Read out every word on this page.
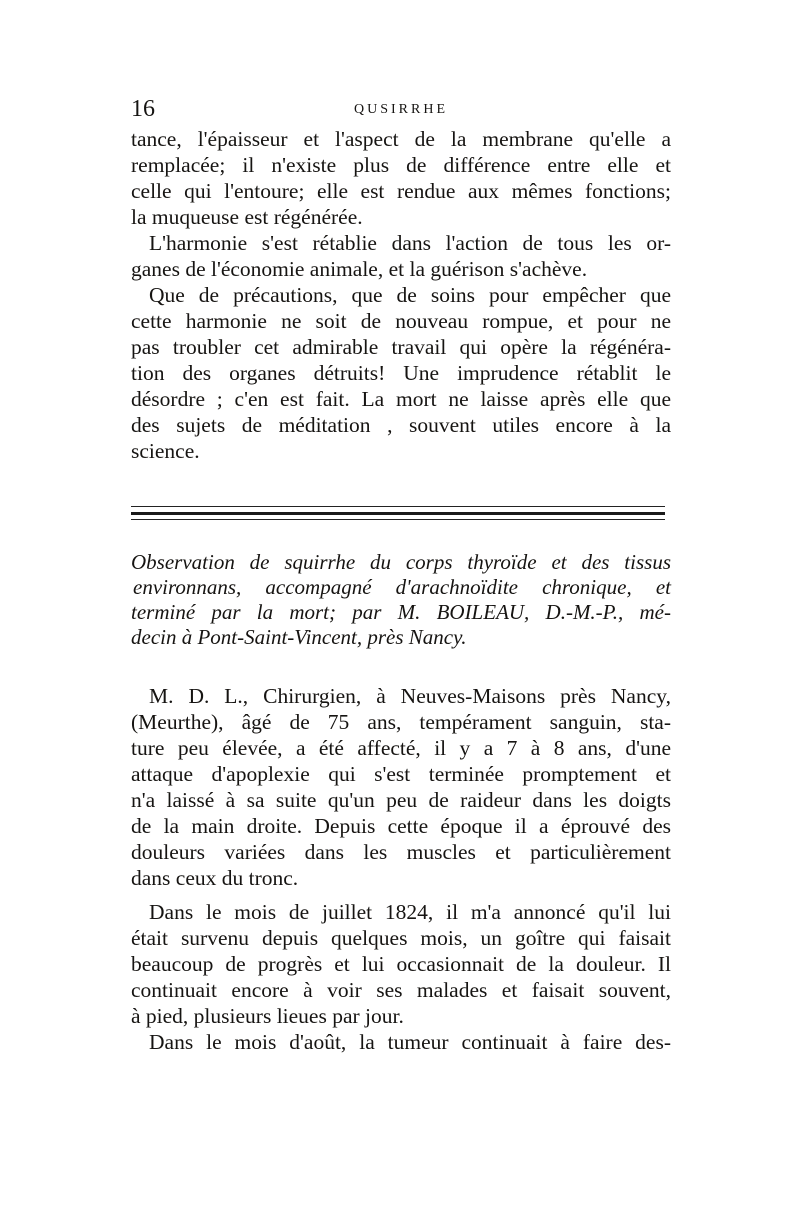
16	QUSIRRHE

tance, l'épaisseur et l'aspect de la membrane qu'elle a
remplacée; il n'existe plus de différence entre elle et
celle qui l'entoure; elle est rendue aux mêmes fonctions;
la muqueuse est régénérée.

L'harmonie s'est rétablie dans l'action de tous les or-
ganes de l'économie animale, et la guérison s'achève.

Que de précautions, que de soins pour empêcher que
cette harmonie ne soit de nouveau rompue, et pour ne
pas troubler cet admirable travail qui opère la régénéra-
tion des organes détruits! Une imprudence rétablit le
désordre ; c'en est fait. La mort ne laisse après elle que
des sujets de méditation , souvent utiles encore à la
science.

Observation de squirrhe du corps thyroïde et des tissus
environnans, accompagné d'arachnoïdite chronique, et
terminé par la mort; par M. BOILEAU, D.-M.-P., mé-
decin à Pont-Saint-Vincent, près Nancy.

M. D. L., Chirurgien, à Neuves-Maisons près Nancy,
(Meurthe), âgé de 75 ans, tempérament sanguin, sta-
ture peu élevée, a été affecté, il y a 7 à 8 ans, d'une
attaque d'apoplexie qui s'est terminée promptement et
n'a laissé à sa suite qu'un peu de raideur dans les doigts
de la main droite. Depuis cette époque il a éprouvé des
douleurs variées dans les muscles et particulièrement
dans ceux du tronc.

Dans le mois de juillet 1824, il m'a annoncé qu'il lui
était survenu depuis quelques mois, un goître qui faisait
beaucoup de progrès et lui occasionnait de la douleur. Il
continuait encore à voir ses malades et faisait souvent,
à pied, plusieurs lieues par jour.

Dans le mois d'août, la tumeur continuait à faire des-
